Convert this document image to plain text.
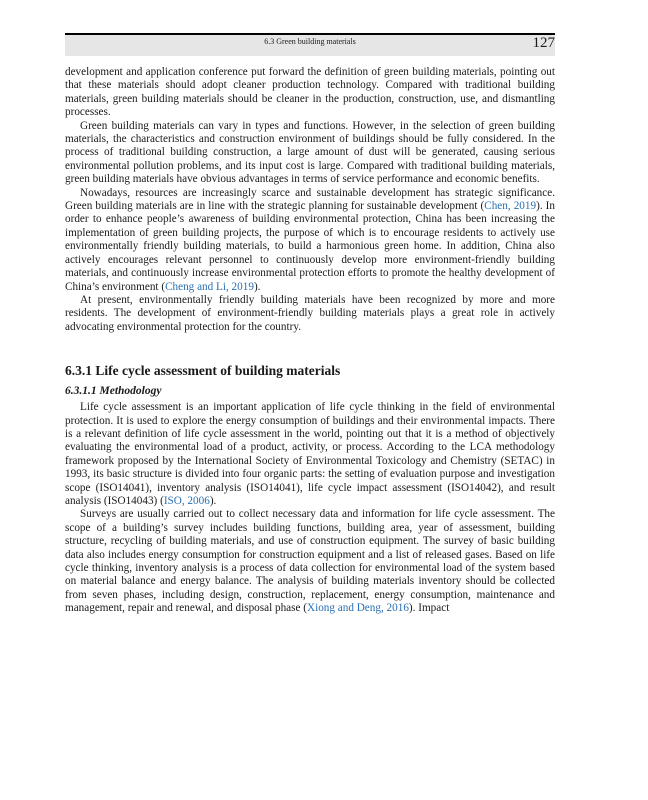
6.3 Green building materials	127

development and application conference put forward the definition of green building materials, pointing out that these materials should adopt cleaner production technology. Compared with traditional building materials, green building materials should be cleaner in the production, construction, use, and dismantling processes.

Green building materials can vary in types and functions. However, in the selection of green building materials, the characteristics and construction environment of buildings should be fully considered. In the process of traditional building construction, a large amount of dust will be generated, causing serious environmental pollution problems, and its input cost is large. Compared with traditional building materials, green building materials have obvious advantages in terms of service performance and economic benefits.

Nowadays, resources are increasingly scarce and sustainable development has strategic significance. Green building materials are in line with the strategic planning for sustainable development (Chen, 2019). In order to enhance people’s awareness of building environmental protection, China has been increasing the implementation of green building projects, the purpose of which is to encourage residents to actively use environmentally friendly building materials, to build a harmonious green home. In addition, China also actively encourages relevant personnel to continuously develop more environment-friendly building materials, and continuously increase environmental protection efforts to promote the healthy development of China’s environment (Cheng and Li, 2019).

At present, environmentally friendly building materials have been recognized by more and more residents. The development of environment-friendly building materials plays a great role in actively advocating environmental protection for the country.

6.3.1 Life cycle assessment of building materials
6.3.1.1 Methodology

Life cycle assessment is an important application of life cycle thinking in the field of environmental protection. It is used to explore the energy consumption of buildings and their environmental impacts. There is a relevant definition of life cycle assessment in the world, pointing out that it is a method of objectively evaluating the environmental load of a product, activity, or process. According to the LCA methodology framework proposed by the International Society of Environmental Toxicology and Chemistry (SETAC) in 1993, its basic structure is divided into four organic parts: the setting of evaluation purpose and investigation scope (ISO14041), inventory analysis (ISO14041), life cycle impact assessment (ISO14042), and result analysis (ISO14043) (ISO, 2006).

Surveys are usually carried out to collect necessary data and information for life cycle assessment. The scope of a building’s survey includes building functions, building area, year of assessment, building structure, recycling of building materials, and use of construction equipment. The survey of basic building data also includes energy consumption for construction equipment and a list of released gases. Based on life cycle thinking, inventory analysis is a process of data collection for environmental load of the system based on material balance and energy balance. The analysis of building materials inventory should be collected from seven phases, including design, construction, replacement, energy consumption, maintenance and management, repair and renewal, and disposal phase (Xiong and Deng, 2016). Impact
